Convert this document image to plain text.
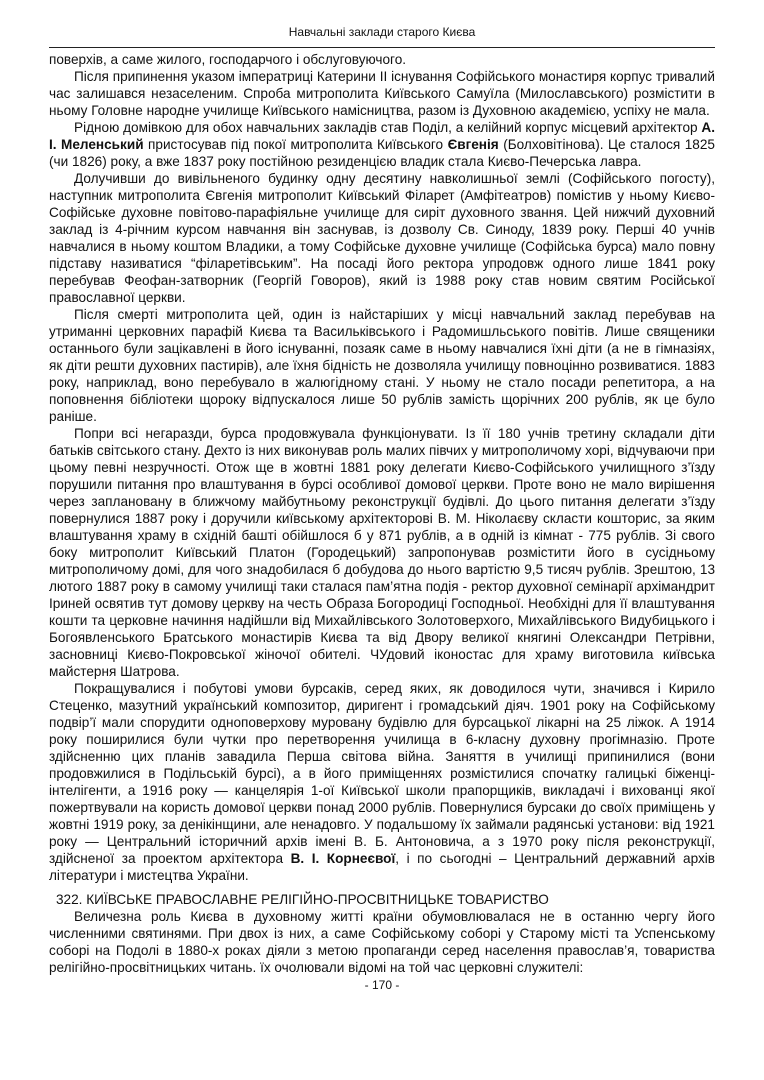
Навчальні заклади старого Києва

поверхів, а саме жилого, господарчого і обслуговуючого.

Після припинення указом імператриці Катерини II існування Софійського монастиря корпус тривалий час залишався незаселеним. Спроба митрополита Київського Самуїла (Милославського) розмістити в ньому Головне народне училище Київського намісництва, разом із Духовною академією, успіху не мала.

Рідною домівкою для обох навчальних закладів став Поділ, а келійний корпус місцевий архітектор А. І. Меленський пристосував під покої митрополита Київського Євгенія (Болховітінова). Це сталося 1825 (чи 1826) року, а вже 1837 року постійною резиденцією владик стала Києво-Печерська лавра.

Долучивши до вивільненого будинку одну десятину навколишньої землі (Софійського погосту), наступник митрополита Євгенія митрополит Київський Філарет (Амфітеатров) помістив у ньому Києво-Софійське духовне повітово-парафіяльне училище для сиріт духовного звання. Цей нижчий духовний заклад із 4-річним курсом навчання він заснував, із дозволу Св. Синоду, 1839 року. Перші 40 учнів навчалися в ньому коштом Владики, а тому Софійське духовне училище (Софійська бурса) мало повну підставу називатися “філаретівським”. На посаді його ректора упродовж одного лише 1841 року перебував Феофан-затворник (Георгій Говоров), який із 1988 року став новим святим Російської православної церкви.

Після смерті митрополита цей, один із найстаріших у місці навчальний заклад перебував на утриманні церковних парафій Києва та Васильківського і Радомишльського повітів. Лише священики останнього були зацікавлені в його існуванні, позаяк саме в ньому навчалися їхні діти (а не в гімназіях, як діти решти духовних пастирів), але їхня бідність не дозволяла училищу повноцінно розвиватися. 1883 року, наприклад, воно перебувало в жалюгідному стані. У ньому не стало посади репетитора, а на поповнення бібліотеки щороку відпускалося лише 50 рублів замість щорічних 200 рублів, як це було раніше.

Попри всі негаразди, бурса продовжувала функціонувати. Із її 180 учнів третину складали діти батьків світського стану. Дехто із них виконував роль малих півчих у митрополичому хорі, відчуваючи при цьому певні незручності. Отож ще в жовтні 1881 року делегати Києво-Софійського училищного з’їзду порушили питання про влаштування в бурсі особливої домової церкви. Проте воно не мало вирішення через заплановану в ближчому майбутньому реконструкції будівлі. До цього питання делегати з’їзду повернулися 1887 року і доручили київському архітекторові В. М. Ніколаєву скласти кошторис, за яким влаштування храму в східній башті обійшлося б у 871 рублів, а в одній із кімнат - 775 рублів. Зі свого боку митрополит Київський Платон (Городецький) запропонував розмістити його в сусідньому митрополичому домі, для чого знадобилася б добудова до нього вартістю 9,5 тисяч рублів. Зрештою, 13 лютого 1887 року в самому училищі таки сталася пам’ятна подія - ректор духовної семінарії архімандрит Іриней освятив тут домову церкву на честь Образа Богородиці Господньої. Необхідні для її влаштування кошти та церковне начиння надійшли від Михайлівського Золотоверхого, Михайлівського Видубицького і Богоявленського Братського монастирів Києва та від Двору великої княгині Олександри Петрівни, засновниці Києво-Покровської жіночої обителі. ЧУдовий іконостас для храму виготовила київська майстерня Шатрова.

Покращувалися і побутові умови бурсаків, серед яких, як доводилося чути, значився і Кирило Стеценко, мазутний український композитор, диригент і громадський діяч. 1901 року на Софійському подвір’ї мали спорудити одноповерхову муровану будівлю для бурсацької лікарні на 25 ліжок. А 1914 року поширилися були чутки про перетворення училища в 6-класну духовну прогімназію. Проте здійсненню цих планів завадила Перша світова війна. Заняття в училищі припинилися (вони продовжилися в Подільській бурсі), а в його приміщеннях розмістилися спочатку галицькі біженці-інтелігенти, а 1916 року — канцелярія 1-ої Київської школи прапорщиків, викладачі і вихованці якої пожертвували на користь домової церкви понад 2000 рублів. Повернулися бурсаки до своїх приміщень у жовтні 1919 року, за денікінщини, але ненадовго. У подальшому їх займали радянські установи: від 1921 року — Центральний історичний архів імені В. Б. Антоновича, а з 1970 року після реконструкції, здійсненої за проектом архітектора В. І. Корнеєвої, і по сьогодні – Центральний державний архів літератури і мистецтва України.

322. КИЇВСЬКЕ ПРАВОСЛАВНЕ РЕЛІГІЙНО-ПРОСВІТНИЦЬКЕ ТОВАРИСТВО

Величезна роль Києва в духовному житті країни обумовлювалася не в останню чергу його численними святинями. При двох із них, а саме Софійському соборі у Старому місті та Успенському соборі на Подолі в 1880-х роках діяли з метою пропаганди серед населення православ’я, товариства релігійно-просвітницьких читань. їх очолювали відомі на той час церковні служителі:

- 170 -
